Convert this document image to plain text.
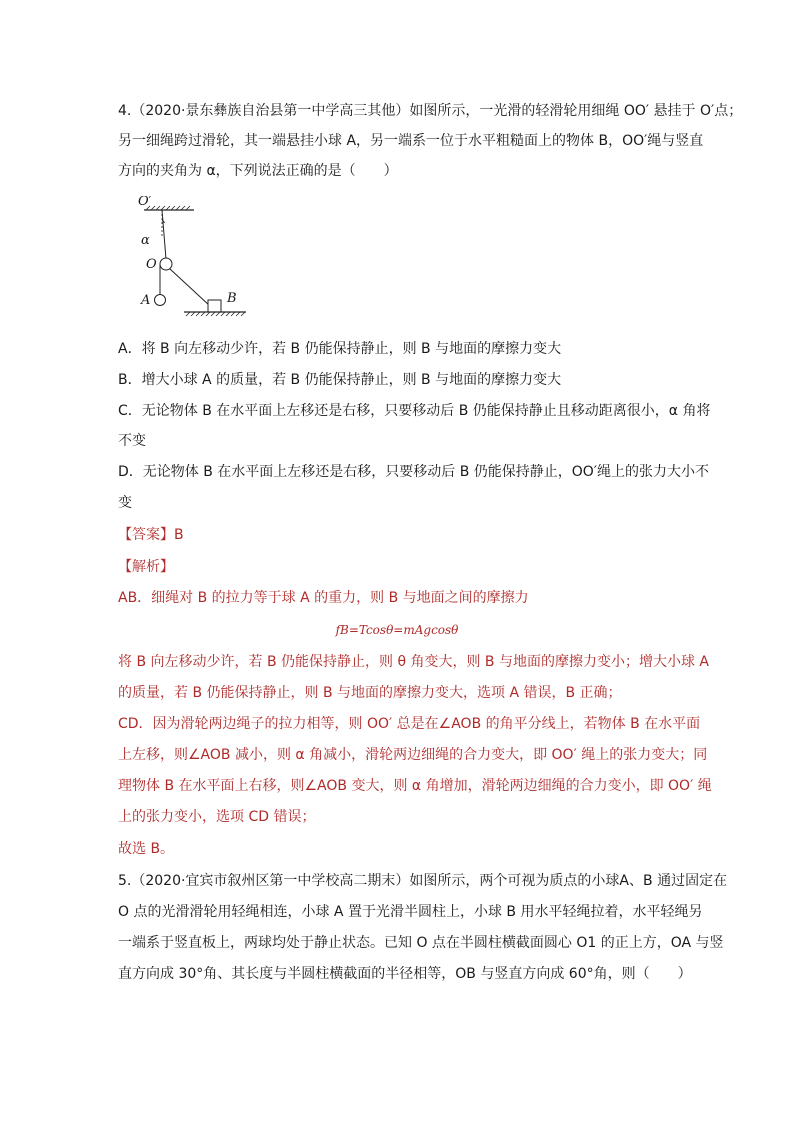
4.（2020·景东彝族自治县第一中学高三其他）如图所示，一光滑的轻滑轮用细绳 OO′ 悬挂于 O′点；
另一细绳跨过滑轮，其一端悬挂小球 A，另一端系一位于水平粗糙面上的物体 B，OO′绳与竖直
方向的夹角为 α，下列说法正确的是（　　）
O′
α
O
A	B
A．将 B 向左移动少许，若 B 仍能保持静止，则 B 与地面的摩擦力变大
B．增大小球 A 的质量，若 B 仍能保持静止，则 B 与地面的摩擦力变大
C．无论物体 B 在水平面上左移还是右移，只要移动后 B 仍能保持静止且移动距离很小，α 角将
不变
D．无论物体 B 在水平面上左移还是右移，只要移动后 B 仍能保持静止，OO′绳上的张力大小不
变
【答案】B
【解析】
AB．细绳对 B 的拉力等于球 A 的重力，则 B 与地面之间的摩擦力
fB=Tcosθ=mAgcosθ
将 B 向左移动少许，若 B 仍能保持静止，则 θ 角变大，则 B 与地面的摩擦力变小；增大小球 A
的质量，若 B 仍能保持静止，则 B 与地面的摩擦力变大，选项 A 错误，B 正确；
CD．因为滑轮两边绳子的拉力相等，则 OO′ 总是在∠AOB 的角平分线上，若物体 B 在水平面
上左移，则∠AOB 减小，则 α 角减小，滑轮两边细绳的合力变大，即 OO′ 绳上的张力变大；同
理物体 B 在水平面上右移，则∠AOB 变大，则 α 角增加，滑轮两边细绳的合力变小，即 OO′ 绳
上的张力变小，选项 CD 错误；
故选 B。
5.（2020·宜宾市叙州区第一中学校高二期末）如图所示，两个可视为质点的小球A、B 通过固定在
O 点的光滑滑轮用轻绳相连，小球 A 置于光滑半圆柱上，小球 B 用水平轻绳拉着，水平轻绳另
一端系于竖直板上，两球均处于静止状态。已知 O 点在半圆柱横截面圆心 O1 的正上方，OA 与竖
直方向成 30°角、其长度与半圆柱横截面的半径相等，OB 与竖直方向成 60°角，则（　　）
